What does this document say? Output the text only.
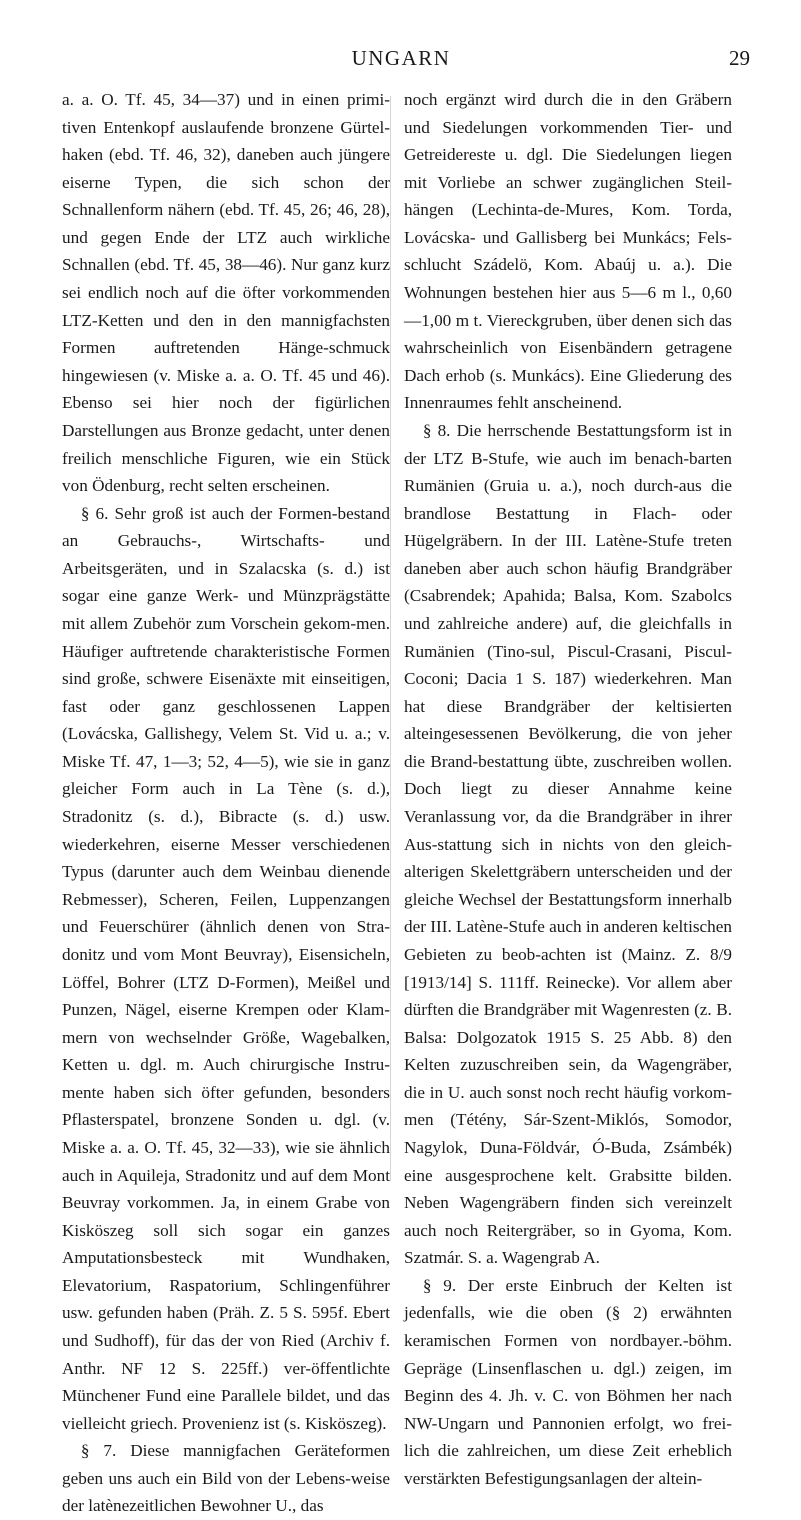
UNGARN	29

a. a. O. Tf. 45, 34—37) und in einen primi-tiven Entenkopf auslaufende bronzene Gürtel-haken (ebd. Tf. 46, 32), daneben auch jüngere eiserne Typen, die sich schon der Schnallenform nähern (ebd. Tf. 45, 26; 46, 28), und gegen Ende der LTZ auch wirkliche Schnallen (ebd. Tf. 45, 38—46). Nur ganz kurz sei endlich noch auf die öfter vorkommenden LTZ-Ketten und den in den mannigfachsten Formen auftretenden Hänge-schmuck hingewiesen (v. Miske a. a. O. Tf. 45 und 46). Ebenso sei hier noch der figürlichen Darstellungen aus Bronze gedacht, unter denen freilich menschliche Figuren, wie ein Stück von Ödenburg, recht selten erscheinen.

§ 6. Sehr groß ist auch der Formen-bestand an Gebrauchs-, Wirtschafts- und Arbeitsgeräten, und in Szalacska (s. d.) ist sogar eine ganze Werk- und Münzprägstätte mit allem Zubehör zum Vorschein gekom-men. Häufiger auftretende charakteristische Formen sind große, schwere Eisenäxte mit einseitigen, fast oder ganz geschlossenen Lappen (Lovácska, Gallishegy, Velem St. Vid u. a.; v. Miske Tf. 47, 1—3; 52, 4—5), wie sie in ganz gleicher Form auch in La Tène (s. d.), Stradonitz (s. d.), Bibracte (s. d.) usw. wiederkehren, eiserne Messer verschiedenen Typus (darunter auch dem Weinbau dienende Rebmesser), Scheren, Feilen, Luppenzangen und Feuerschürer (ähnlich denen von Stra-donitz und vom Mont Beuvray), Eisensicheln, Löffel, Bohrer (LTZ D-Formen), Meißel und Punzen, Nägel, eiserne Krempen oder Klam-mern von wechselnder Größe, Wagebalken, Ketten u. dgl. m. Auch chirurgische Instru-mente haben sich öfter gefunden, besonders Pflasterspatel, bronzene Sonden u. dgl. (v. Miske a. a. O. Tf. 45, 32—33), wie sie ähnlich auch in Aquileja, Stradonitz und auf dem Mont Beuvray vorkommen. Ja, in einem Grabe von Kisköszeg soll sich sogar ein ganzes Amputationsbesteck mit Wundhaken, Elevatorium, Raspatorium, Schlingenführer usw. gefunden haben (Präh. Z. 5 S. 595f. Ebert und Sudhoff), für das der von Ried (Archiv f. Anthr. NF 12 S. 225ff.) ver-öffentlichte Münchener Fund eine Parallele bildet, und das vielleicht griech. Provenienz ist (s. Kisköszeg).

§ 7. Diese mannigfachen Geräteformen geben uns auch ein Bild von der Lebens-weise der latènezeitlichen Bewohner U., das

noch ergänzt wird durch die in den Gräbern und Siedelungen vorkommenden Tier- und Getreidereste u. dgl. Die Siedelungen liegen mit Vorliebe an schwer zugänglichen Steil-hängen (Lechinta-de-Mures, Kom. Torda, Lovácska- und Gallisberg bei Munkács; Fels-schlucht Szádelö, Kom. Abaúj u. a.). Die Wohnungen bestehen hier aus 5—6 m l., 0,60 —1,00 m t. Viereckgruben, über denen sich das wahrscheinlich von Eisenbändern getragene Dach erhob (s. Munkács). Eine Gliederung des Innenraumes fehlt anscheinend.

§ 8. Die herrschende Bestattungsform ist in der LTZ B-Stufe, wie auch im benach-barten Rumänien (Gruia u. a.), noch durch-aus die brandlose Bestattung in Flach- oder Hügelgräbern. In der III. Latène-Stufe treten daneben aber auch schon häufig Brandgräber (Csabrendek; Apahida; Balsa, Kom. Szabolcs und zahlreiche andere) auf, die gleichfalls in Rumänien (Tino-sul, Piscul-Crasani, Piscul-Coconi; Dacia 1 S. 187) wiederkehren. Man hat diese Brandgräber der keltisierten alteingesessenen Bevölkerung, die von jeher die Brand-bestattung übte, zuschreiben wollen. Doch liegt zu dieser Annahme keine Veranlassung vor, da die Brandgräber in ihrer Aus-stattung sich in nichts von den gleich-alterigen Skelettgräbern unterscheiden und der gleiche Wechsel der Bestattungsform innerhalb der III. Latène-Stufe auch in anderen keltischen Gebieten zu beob-achten ist (Mainz. Z. 8/9 [1913/14] S. 111ff. Reinecke). Vor allem aber dürften die Brandgräber mit Wagenresten (z. B. Balsa: Dolgozatok 1915 S. 25 Abb. 8) den Kelten zuzuschreiben sein, da Wagengräber, die in U. auch sonst noch recht häufig vorkom-men (Tétény, Sár-Szent-Miklós, Somodor, Nagylok, Duna-Földvár, Ó-Buda, Zsámbék) eine ausgesprochene kelt. Grabsitte bilden. Neben Wagengräbern finden sich vereinzelt auch noch Reitergräber, so in Gyoma, Kom. Szatmár. S. a. Wagengrab A.

§ 9. Der erste Einbruch der Kelten ist jedenfalls, wie die oben (§ 2) erwähnten keramischen Formen von nordbayer.-böhm. Gepräge (Linsenflaschen u. dgl.) zeigen, im Beginn des 4. Jh. v. C. von Böhmen her nach NW-Ungarn und Pannonien erfolgt, wo frei-lich die zahlreichen, um diese Zeit erheblich verstärkten Befestigungsanlagen der altein-
